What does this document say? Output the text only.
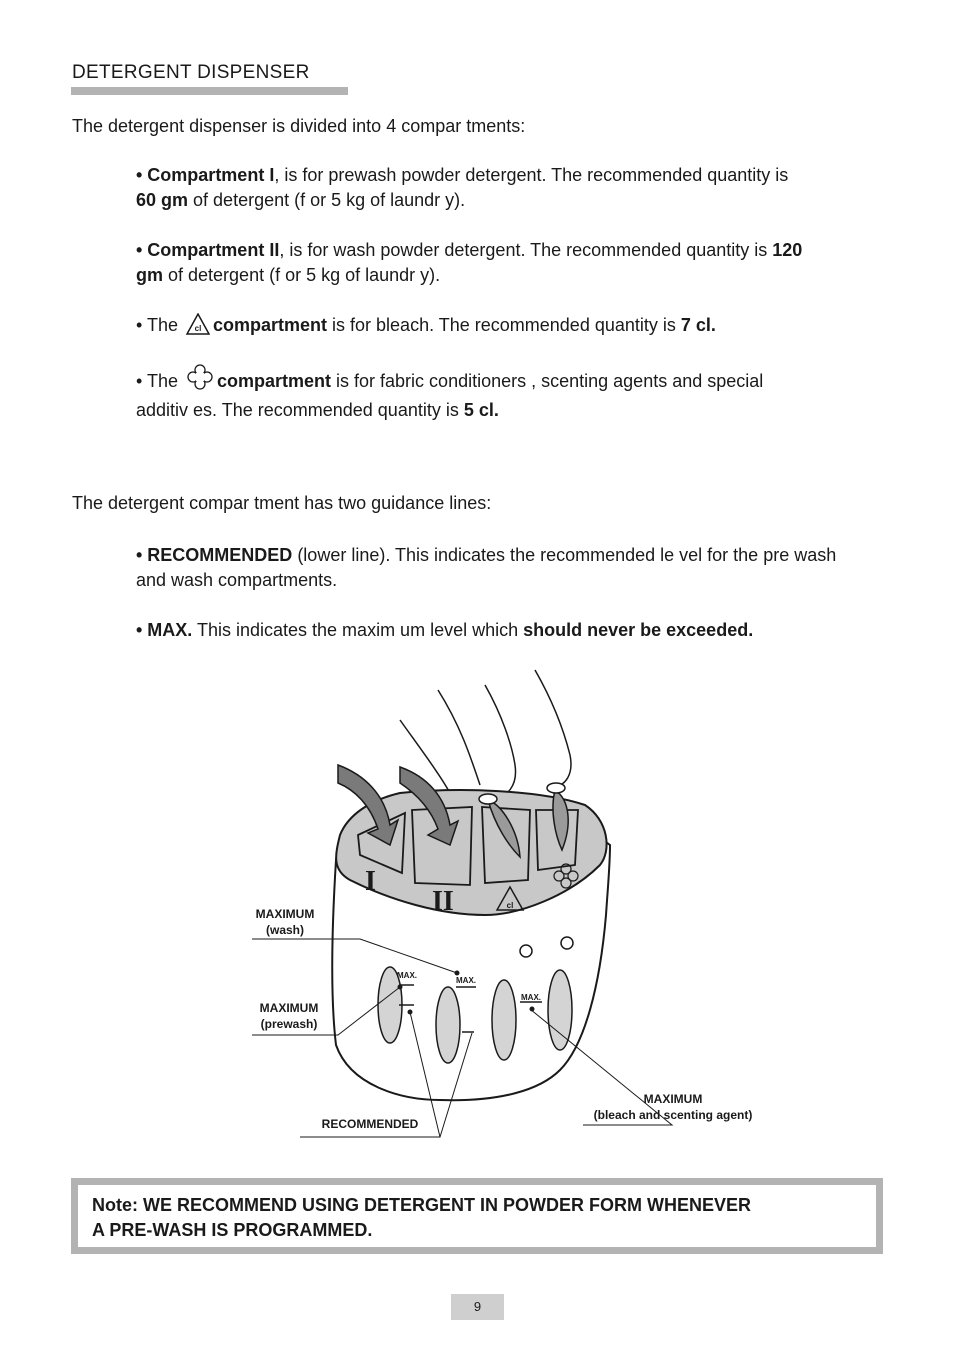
DETERGENT DISPENSER
The detergent dispenser is divided into 4 compar tments:
• Compartment I, is for prewash powder detergent. The recommended quantity is
60 gm of detergent (f or 5 kg of laundr y).
• Compartment II, is for wash powder detergent. The recommended quantity is 120
gm of detergent (f or 5 kg of laundr y).
• The cl compartment is for bleach. The recommended quantity is 7 cl.
• The compartment is for fabric conditioners , scenting agents and special
additiv es. The recommended quantity is 5 cl.
The detergent compar tment has two guidance lines:
• RECOMMENDED (lower line). This indicates the recommended le vel for the pre wash
and wash compartments.
• MAX. This indicates the maxim um level which should never be exceeded.
I
II	cl
MAX.
MAX.
MAX.
MAXIMUM
(wash)
MAXIMUM
(prewash)
RECOMMENDED
MAXIMUM
(bleach and scenting agent)
Note: WE RECOMMEND USING DETERGENT IN POWDER FORM WHENEVER
A PRE-WASH IS PROGRAMMED.
9
